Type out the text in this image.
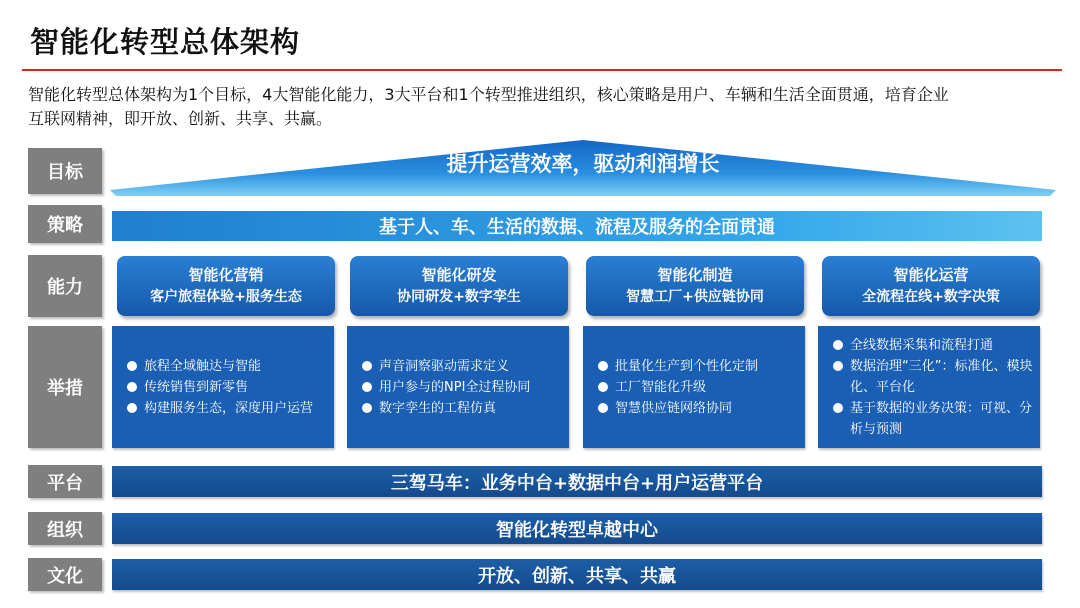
智能化转型总体架构
智能化转型总体架构为1个目标，4大智能化能力，3大平台和1个转型推进组织，核心策略是用户、车辆和生活全面贯通，培育企业
互联网精神，即开放、创新、共享、共赢。
目标
策略
能力
举措
平台
组织
文化
提升运营效率，驱动利润增长
基于人、车、生活的数据、流程及服务的全面贯通
智能化营销
客户旅程体验+服务生态
智能化研发
协同研发+数字孪生
智能化制造
智慧工厂+供应链协同
智能化运营
全流程在线+数字决策
旅程全域触达与智能
传统销售到新零售
构建服务生态，深度用户运营
声音洞察驱动需求定义
用户参与的NPI全过程协同
数字孪生的工程仿真
批量化生产到个性化定制
工厂智能化升级
智慧供应链网络协同
全线数据采集和流程打通
数据治理“三化”：标准化、模块化、平台化
基于数据的业务决策：可视、分析与预测
三驾马车：业务中台+数据中台+用户运营平台
智能化转型卓越中心
开放、创新、共享、共赢
